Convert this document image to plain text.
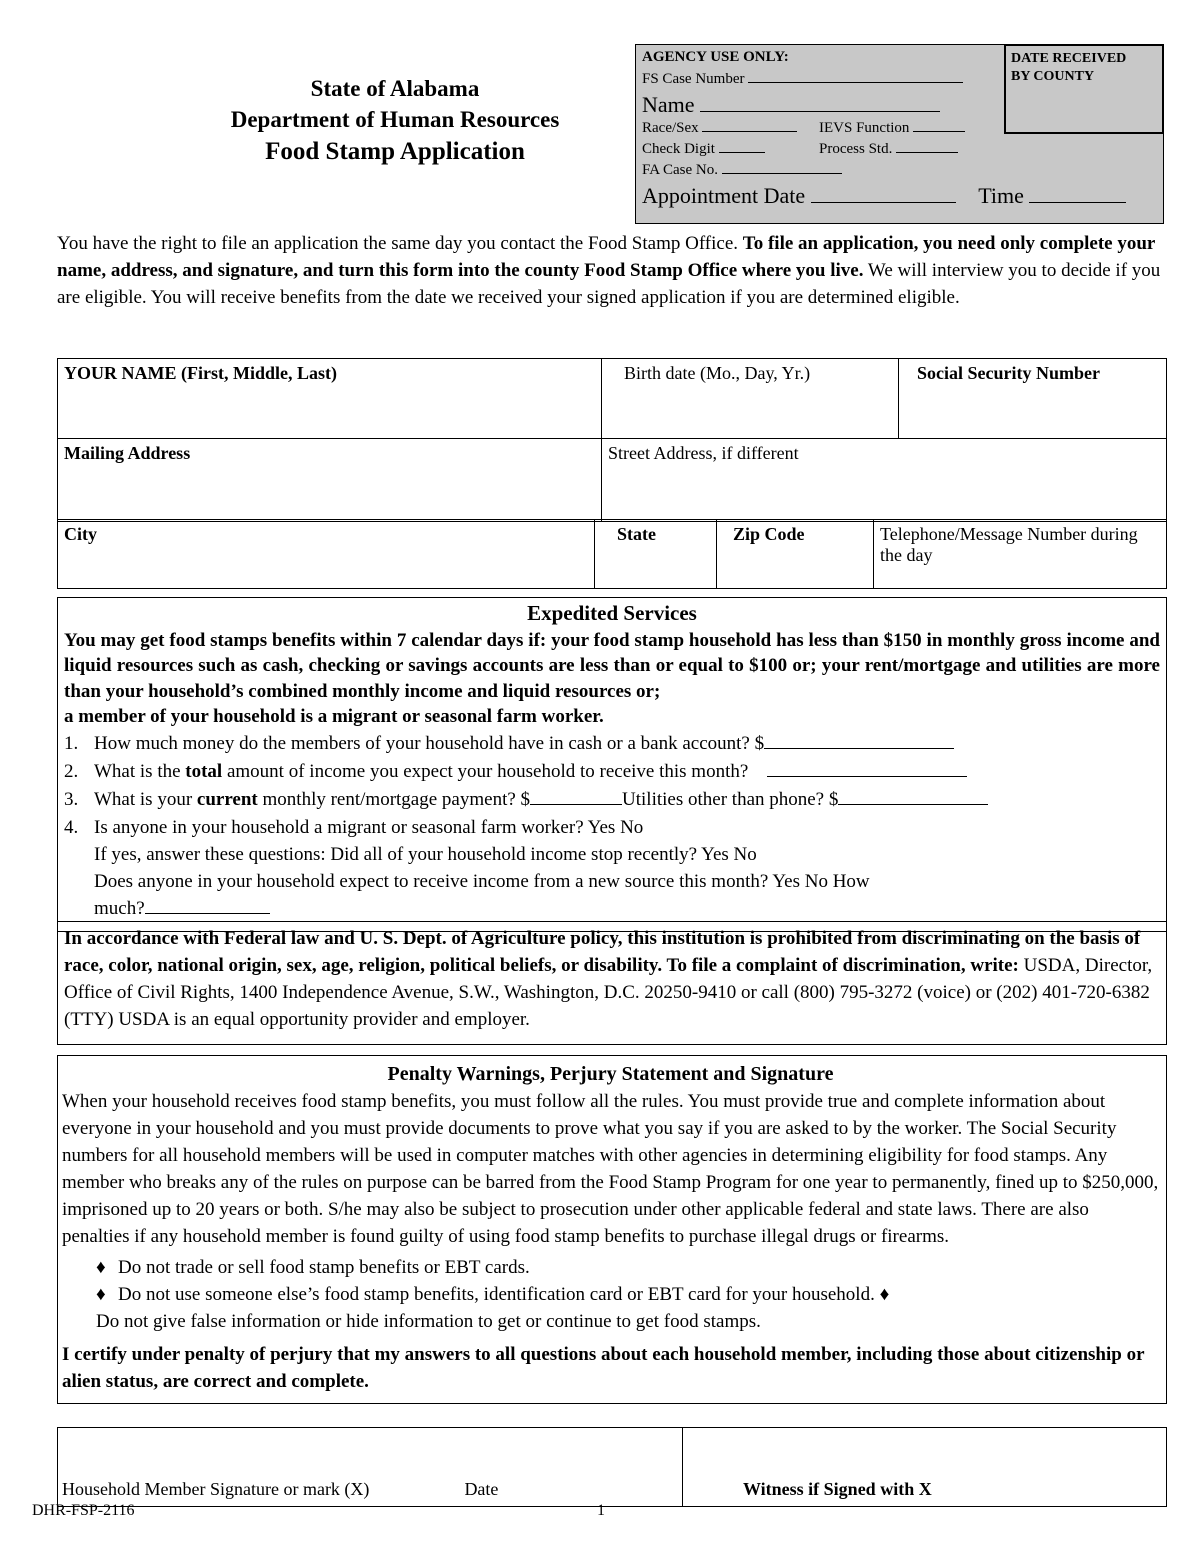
State of Alabama
Department of Human Resources
Food Stamp Application
AGENCY USE ONLY:
FS Case Number
Name
Race/Sex	IEVS Function
Check Digit	Process Std.
FA Case No.
Appointment Date	Time
DATE RECEIVED
BY COUNTY
You have the right to file an application the same day you contact the Food Stamp Office. To file an application, you need only complete your name, address, and signature, and turn this form into the county Food Stamp Office where you live. We will interview you to decide if you are eligible. You will receive benefits from the date we received your signed application if you are determined eligible.
YOUR NAME (First, Middle, Last)	Birth date (Mo., Day, Yr.)	Social Security Number
Mailing Address	Street Address, if different	
City	State	Zip Code	Telephone/Message Number during
the day
Expedited Services
You may get food stamps benefits within 7 calendar days if: your food stamp household has less than $150 in monthly gross income and liquid resources such as cash, checking or savings accounts are less than or equal to $100 or; your rent/mortgage and utilities are more than your household’s combined monthly income and liquid resources or;
a member of your household is a migrant or seasonal farm worker.
1. How much money do the members of your household have in cash or a bank account? $
2. What is the total amount of income you expect your household to receive this month?
3. What is your current monthly rent/mortgage payment? $	Utilities other than phone? $
4. Is anyone in your household a migrant or seasonal farm worker? Yes No
If yes, answer these questions: Did all of your household income stop recently? Yes No
Does anyone in your household expect to receive income from a new source this month? Yes No How
much?
In accordance with Federal law and U. S. Dept. of Agriculture policy, this institution is prohibited from discriminating on the basis of race, color, national origin, sex, age, religion, political beliefs, or disability. To file a complaint of discrimination, write: USDA, Director, Office of Civil Rights, 1400 Independence Avenue, S.W., Washington, D.C. 20250-9410 or call (800) 795-3272 (voice) or (202) 401-720-6382 (TTY) USDA is an equal opportunity provider and employer.
Penalty Warnings, Perjury Statement and Signature
When your household receives food stamp benefits, you must follow all the rules. You must provide true and complete information about everyone in your household and you must provide documents to prove what you say if you are asked to by the worker. The Social Security numbers for all household members will be used in computer matches with other agencies in determining eligibility for food stamps. Any member who breaks any of the rules on purpose can be barred from the Food Stamp Program for one year to permanently, fined up to $250,000, imprisoned up to 20 years or both. S/he may also be subject to prosecution under other applicable federal and state laws. There are also penalties if any household member is found guilty of using food stamp benefits to purchase illegal drugs or firearms.
♦ Do not trade or sell food stamp benefits or EBT cards.
♦ Do not use someone else’s food stamp benefits, identification card or EBT card for your household. ♦
Do not give false information or hide information to get or continue to get food stamps.
I certify under penalty of perjury that my answers to all questions about each household member, including those about citizenship or alien status, are correct and complete.
Household Member Signature or mark (X)	Date	Witness if Signed with X
DHR-FSP-2116	1
